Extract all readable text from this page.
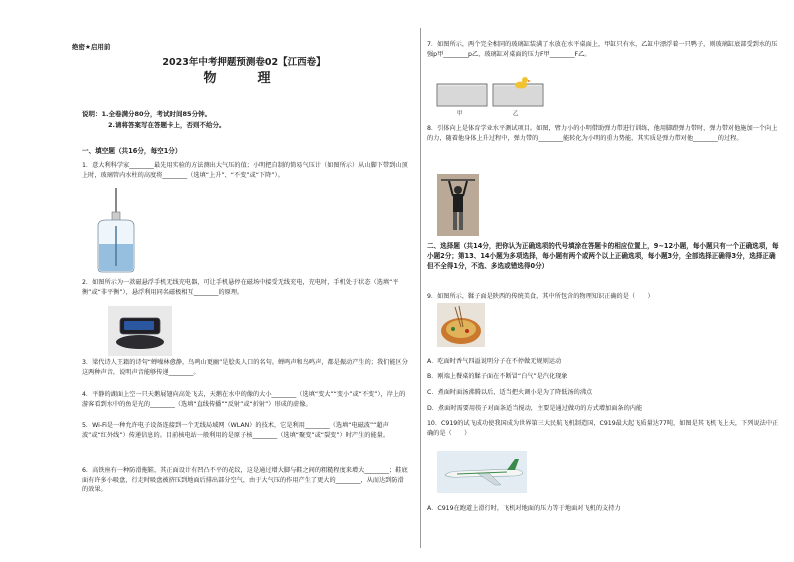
绝密★启用前
2023年中考押题预测卷02【江西卷】
物　理
说明：1.全卷满分80分，考试时间85分钟。
2.请将答案写在答题卡上，否则不给分。
一、填空题（共16分，每空1分）

1．意大利科学家________最先用实验的方法测出大气压的值；小明把自制的简易气压计（如图所示）从山脚下带到山顶上时，玻璃管内水柱的高度将________（选填“上升”、“不变”或“下降”）。

2．如图所示为一款磁悬浮手机无线充电器，可让手机悬停在磁场中接受无线充电，充电时，手机处于状态（选填“平衡”或“非平衡”），悬浮利用同名磁极相互________的原理。

3．梁代诗人王籍的诗句“蝉噪林愈静，鸟鸣山更幽”是脍炙人口的名句。蝉鸣声和鸟鸣声，都是振动产生的；我们能区分这两种声音，说明声音能够传递________。

4．平静的湖面上空一只天鹅展翅向高处飞去，天鹅在水中的像的大小________（选填“变大”“变小”或“不变”），岸上的游客看到水中的鱼是光的________（选填“直线传播”“反射”或“折射”）形成的虚像。

5．Wi-Fi是一种允许电子设备连接到一个无线局域网（WLAN）的技术，它是利用________（选填“电磁波”“超声波”或“红外线”）传递信息的。目前核电站一般利用的是原子核________（选填“聚变”或“裂变”）时产生的能量。

6．高铁座有一种防滑拖鞋，其正面设计有凹凸不平的花纹，这是通过增大脚与鞋之间的粗糙程度来增大________；鞋底面有许多小吸盘，行走时吸盘被挤压到地面后排出部分空气，由于大气压的作用产生了更大的________，从而达到防滑的效果。

7．如图所示，两个完全相同的玻璃缸装满了水放在水平桌面上，甲缸只有水，乙缸中漂浮着一只鸭子，则玻璃缸底部受到水的压强p甲________p乙，玻璃缸对桌面的压力F甲________F乙。

甲	乙

8．引体向上是体育学业水平测试项目。如图，臂力小的小明借助弹力带进行训练，他用脚蹬弹力带时，弹力带对他施加一个向上的力，随着他身体上升过程中，弹力带的________能转化为小明的重力势能，其实质是弹力带对他________的过程。

二、选择题（共14分，把你认为正确选项的代号填涂在答题卡的相应位置上，9~12小题，每小题只有一个正确选项，每小题2分；第13、14小题为多项选择，每小题有两个或两个以上正确选项，每小题3分，全部选择正确得3分，选择正确但不全得1分，不选、多选或错选得0分）

9．如图所示，鞣子面是陕西的传统美食，其中所包含的物理知识正确的是（　　）

A．吃面时香气四溢说明分子在不停做无规则运动

B．刚端上餐桌的鞣子面在不断冒“白气”是汽化现象

C．煮面时面汤沸腾以后，适当把火调小是为了降低汤的沸点

D．煮面时需要用筷子对面条适当搅动，主要是通过做功的方式增加面条的内能

10．C919的试飞成功使我国成为世界第三大民航飞机制造国，C919最大起飞质量达77吨，如图是其飞机飞上天，下列说法中正确的是（　　）

A．C919在跑道上滑行时，飞机对地面的压力等于地面对飞机的支持力
